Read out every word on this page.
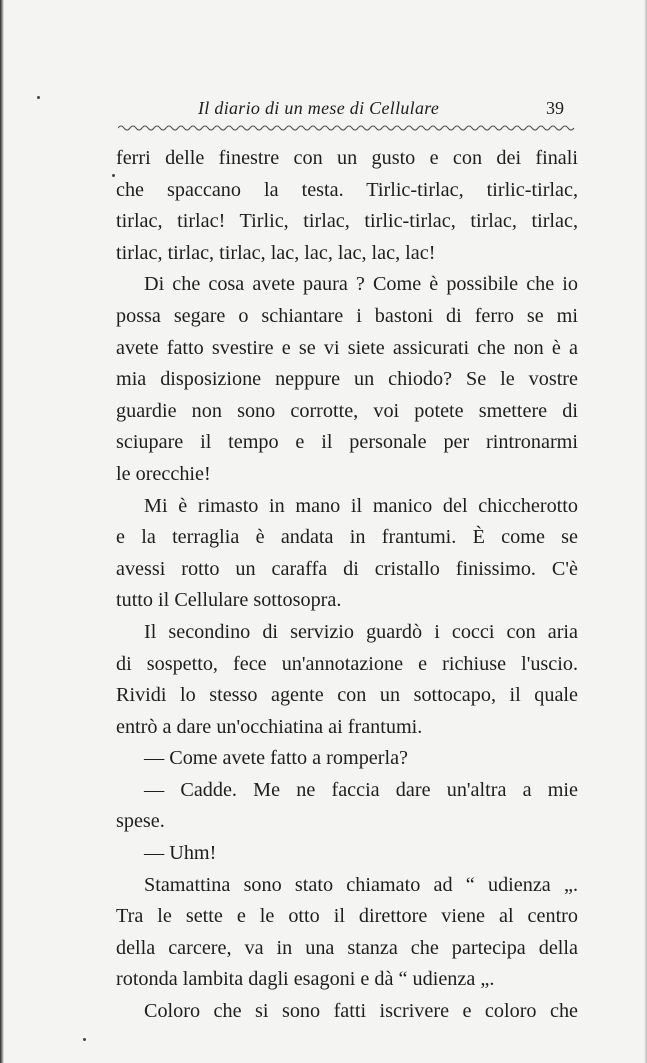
Il diario di un mese di Cellulare	39
ferri delle finestre con un gusto e con dei finali
che spaccano la testa. Tirlic-tirlac, tirlic-tirlac,
tirlac, tirlac! Tirlic, tirlac, tirlic-tirlac, tirlac, tirlac,
tirlac, tirlac, tirlac, lac, lac, lac, lac, lac!
Di che cosa avete paura ? Come è possibile che io
possa segare o schiantare i bastoni di ferro se mi
avete fatto svestire e se vi siete assicurati che non è a
mia disposizione neppure un chiodo? Se le vostre
guardie non sono corrotte, voi potete smettere di
sciupare il tempo e il personale per rintronarmi
le orecchie!
Mi è rimasto in mano il manico del chiccherotto
e la terraglia è andata in frantumi. È come se
avessi rotto un caraffa di cristallo finissimo. C'è
tutto il Cellulare sottosopra.
Il secondino di servizio guardò i cocci con aria
di sospetto, fece un'annotazione e richiuse l'uscio.
Rividi lo stesso agente con un sottocapo, il quale
entrò a dare un'occhiatina ai frantumi.
— Come avete fatto a romperla?
— Cadde. Me ne faccia dare un'altra a mie
spese.
— Uhm!
Stamattina sono stato chiamato ad “ udienza „.
Tra le sette e le otto il direttore viene al centro
della carcere, va in una stanza che partecipa della
rotonda lambita dagli esagoni e dà “ udienza „.
Coloro che si sono fatti iscrivere e coloro che
